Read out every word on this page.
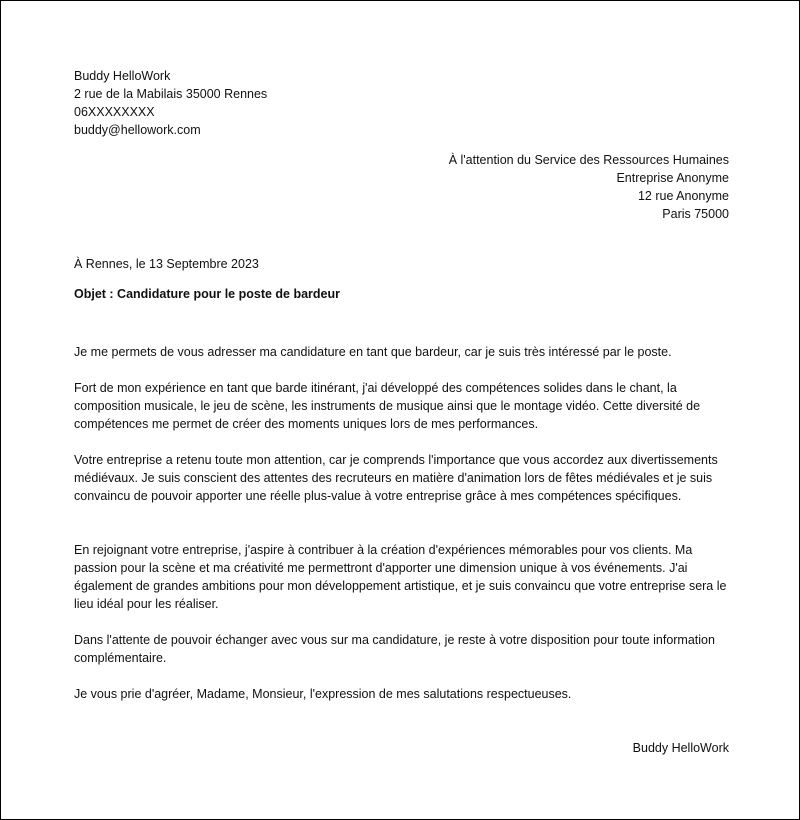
Buddy HelloWork
2 rue de la Mabilais 35000 Rennes
06XXXXXXXX
buddy@hellowork.com
À l'attention du Service des Ressources Humaines
Entreprise Anonyme
12 rue Anonyme
Paris 75000
À Rennes, le 13 Septembre 2023
Objet : Candidature pour le poste de bardeur
Je me permets de vous adresser ma candidature en tant que bardeur, car je suis très intéressé par le poste.
Fort de mon expérience en tant que barde itinérant, j'ai développé des compétences solides dans le chant, la composition musicale, le jeu de scène, les instruments de musique ainsi que le montage vidéo. Cette diversité de compétences me permet de créer des moments uniques lors de mes performances.
Votre entreprise a retenu toute mon attention, car je comprends l'importance que vous accordez aux divertissements médiévaux. Je suis conscient des attentes des recruteurs en matière d'animation lors de fêtes médiévales et je suis convaincu de pouvoir apporter une réelle plus-value à votre entreprise grâce à mes compétences spécifiques.
En rejoignant votre entreprise, j'aspire à contribuer à la création d'expériences mémorables pour vos clients. Ma passion pour la scène et ma créativité me permettront d'apporter une dimension unique à vos événements. J'ai également de grandes ambitions pour mon développement artistique, et je suis convaincu que votre entreprise sera le lieu idéal pour les réaliser.
Dans l'attente de pouvoir échanger avec vous sur ma candidature, je reste à votre disposition pour toute information complémentaire.
Je vous prie d'agréer, Madame, Monsieur, l'expression de mes salutations respectueuses.
Buddy HelloWork
